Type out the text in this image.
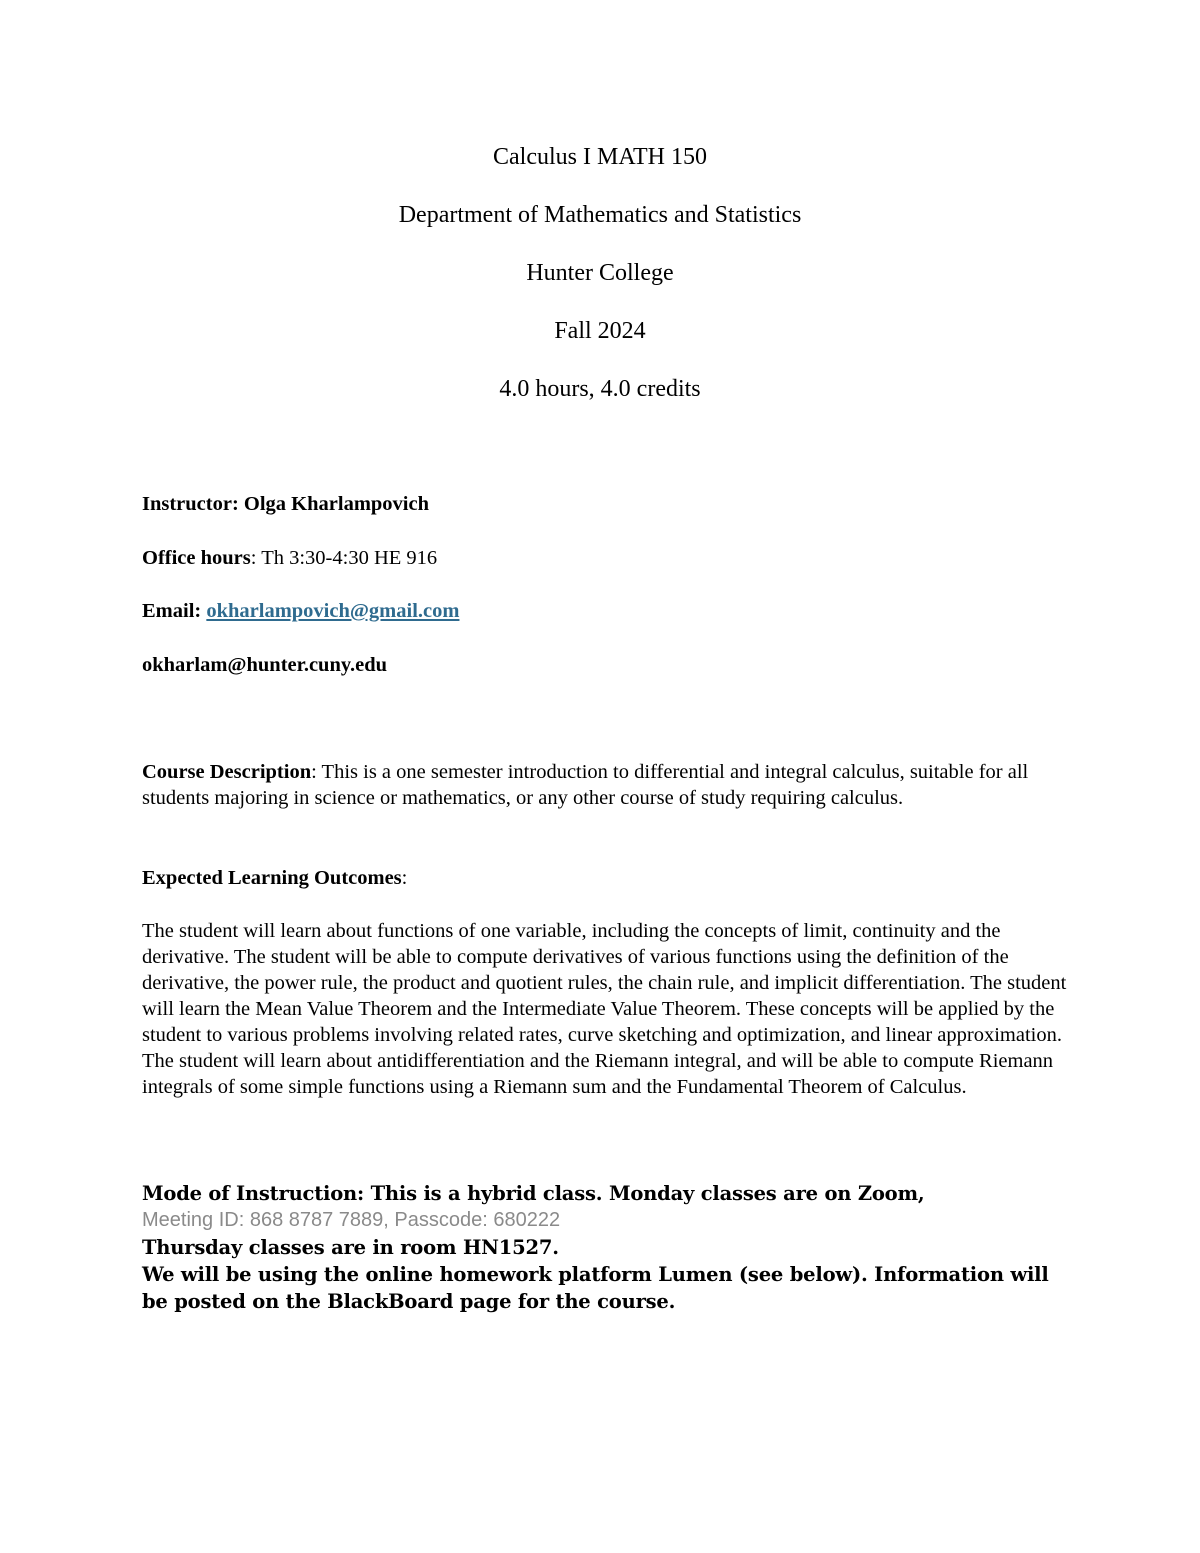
Calculus I MATH 150
Department of Mathematics and Statistics
Hunter College
Fall 2024
4.0 hours, 4.0 credits
Instructor: Olga Kharlampovich
Office hours: Th 3:30-4:30 HE 916
Email: okharlampovich@gmail.com
okharlam@hunter.cuny.edu
Course Description: This is a one semester introduction to differential and integral calculus, suitable for all students majoring in science or mathematics, or any other course of study requiring calculus.
Expected Learning Outcomes:
The student will learn about functions of one variable, including the concepts of limit, continuity and the derivative. The student will be able to compute derivatives of various functions using the definition of the derivative, the power rule, the product and quotient rules, the chain rule, and implicit differentiation. The student will learn the Mean Value Theorem and the Intermediate Value Theorem. These concepts will be applied by the student to various problems involving related rates, curve sketching and optimization, and linear approximation. The student will learn about antidifferentiation and the Riemann integral, and will be able to compute Riemann integrals of some simple functions using a Riemann sum and the Fundamental Theorem of Calculus.
Mode of Instruction: This is a hybrid class. Monday classes are on Zoom,
Meeting ID: 868 8787 7889, Passcode: 680222
Thursday classes are in room HN1527.
We will be using the online homework platform Lumen (see below). Information will be posted on the BlackBoard page for the course.
